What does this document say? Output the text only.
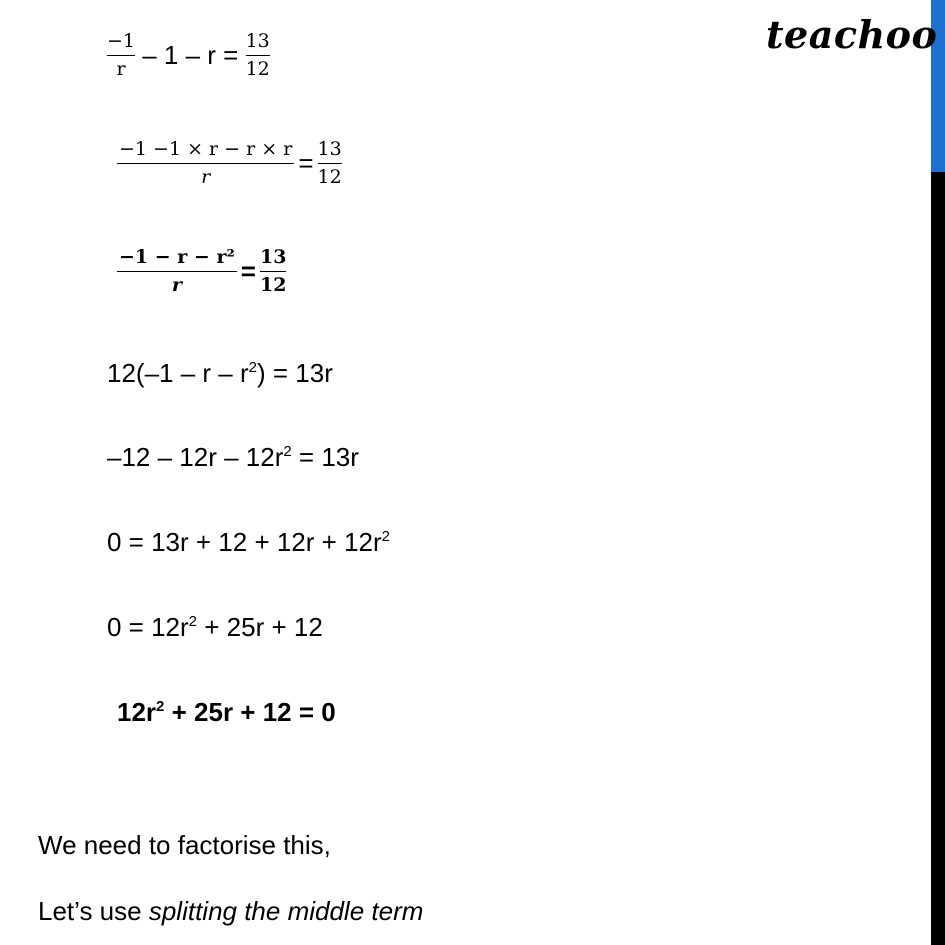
teachoo
$\frac{-1}{r} - 1 - r = \frac{13}{12}$
$\frac{-1 -1 \times r - r \times r}{r} = \frac{13}{12}$
$\frac{\text{−1 − r − r²}}{r} = \frac{13}{12}$
$12(-1 - r - r^2) = 13r$
$-12 - 12r - 12r^2 = 13r$
$0 = 13r + 12 + 12r + 12r^2$
$0 = 12r^2 + 25r + 12$
$12r^2 + 25r + 12 = 0$
We need to factorise this,
Let’s use splitting the middle term
